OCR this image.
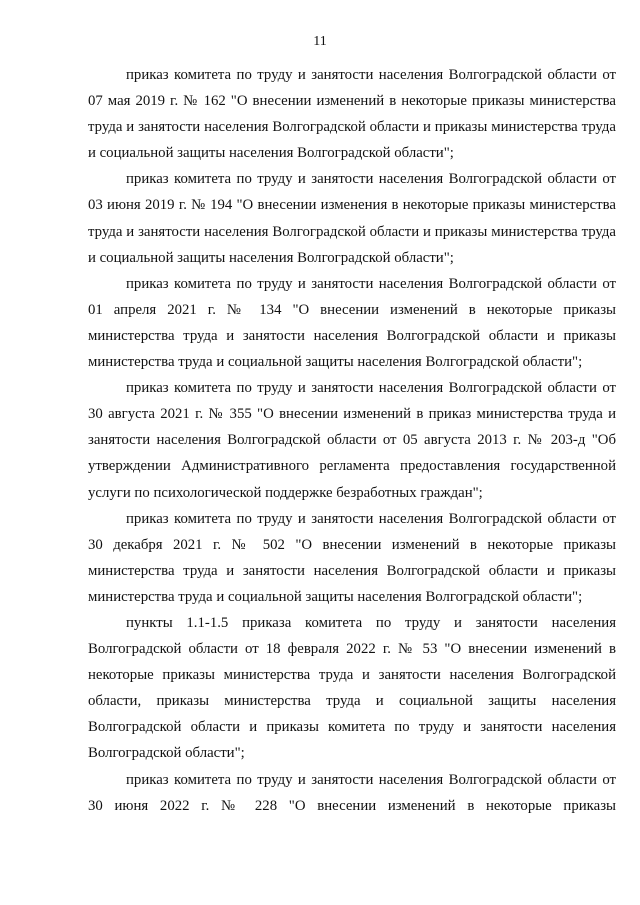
11

приказ комитета по труду и занятости населения Волгоградской области от 07 мая 2019 г. № 162 "О внесении изменений в некоторые приказы министерства труда и занятости населения Волгоградской области и приказы министерства труда и социальной защиты населения Волгоградской области";

приказ комитета по труду и занятости населения Волгоградской области от 03 июня 2019 г. № 194 "О внесении изменения в некоторые приказы министерства труда и занятости населения Волгоградской области и приказы министерства труда и социальной защиты населения Волгоградской области";

приказ комитета по труду и занятости населения Волгоградской области от 01 апреля 2021 г. № 134 "О внесении изменений в некоторые приказы министерства труда и занятости населения Волгоградской области и приказы министерства труда и социальной защиты населения Волгоградской области";

приказ комитета по труду и занятости населения Волгоградской области от 30 августа 2021 г. № 355 "О внесении изменений в приказ министерства труда и занятости населения Волгоградской области от 05 августа 2013 г. № 203-д "Об утверждении Административного регламента предоставления государственной услуги по психологической поддержке безработных граждан";

приказ комитета по труду и занятости населения Волгоградской области от 30 декабря 2021 г. № 502 "О внесении изменений в некоторые приказы министерства труда и занятости населения Волгоградской области и приказы министерства труда и социальной защиты населения Волгоградской области";

пункты 1.1-1.5 приказа комитета по труду и занятости населения Волгоградской области от 18 февраля 2022 г. № 53 "О внесении изменений в некоторые приказы министерства труда и занятости населения Волгоградской области, приказы министерства труда и социальной защиты населения Волгоградской области и приказы комитета по труду и занятости населения Волгоградской области";

приказ комитета по труду и занятости населения Волгоградской области от 30 июня 2022 г. № 228 "О внесении изменений в некоторые приказы
